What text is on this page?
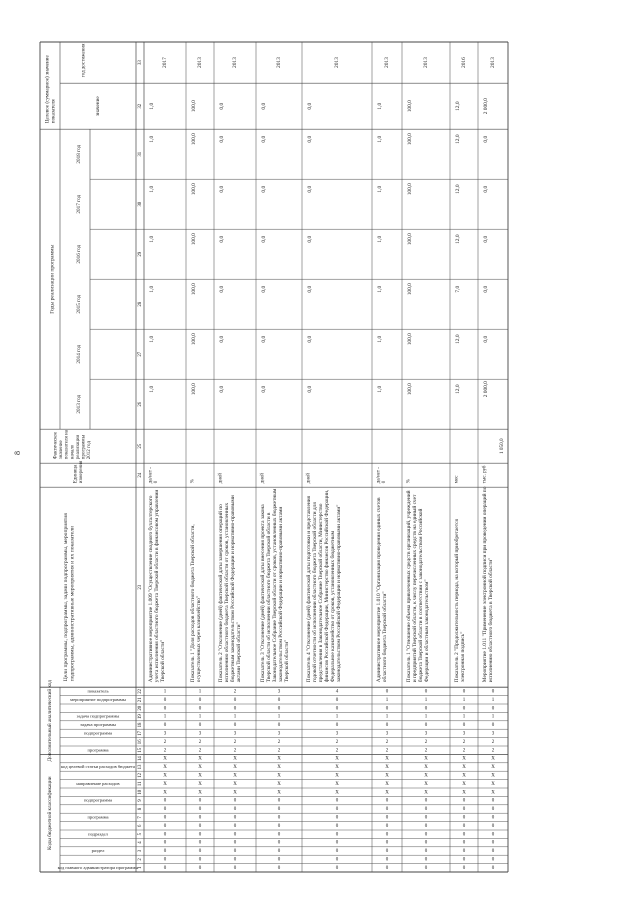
Коды бюджетной классификации
Дополнительный аналитический код
код главного администратора программы
раздел
подраздел
программа
подпрограмма
направление расходов
код целевой статьи расходов бюджета
программа
подпрограмма
задача программы
задача подпрограммы
мероприятие подпрограммы
показатель
Цели программы, подпрограммы, задачи подпрограммы, мероприятия подпрограммы, административные мероприятия и их показатели
Единица измерения
Фактическое значение показателя на начало реализации программы 2012 год
Годы реализации программы
2013 год
2014 год
2015 год
2016 год
2017 год
2018 год
Целевое (суммарное) значение показателя	значение
год достижения
1
2
3
4
5
6
7
8
9
10
11
12
13
14
15
16
17
18
19
20
21
22
23
24
25
26
27
28
29
30
31
32
33
0
0
0
0
0
0
0
0
0
X
X
X
X
X
2
2
3
0
1
0
0
1
Административное мероприятие 1.009 "Осуществление сводного бухгалтерского учета исполнения областного бюджета Тверской области в финансовом управлении Тверской области"
да/нет - 0
1,0
1,0
1,0
1,0
1,0
1,0
1,0
2017
0
0
0
0
0
0
0
0
0
X
X
X
X
X
2
2
3
0
1
0
0
1
Показатель 1 "Доля расходов областного бюджета Тверской области, осуществленных через казначейство"
%
100,0
100,0
100,0
100,0
100,0
100,0
100,0
2013
0
0
0
0
0
0
0
0
0
X
X
X
X
X
2
2
3
0
1
0
0
2
Показатель 2 "Отклонение (дней) фактической даты завершения операций по исполнению областного бюджета Тверской области от сроков, установленных бюджетным законодательством Российской Федерации и нормативно-правовыми актами Тверской области"
дней
0,0
0,0
0,0
0,0
0,0
0,0
0,0
2013
0
0
0
0
0
0
0
0
0
X
X
X
X
X
2
2
3
0
1
0
0
3
Показатель 3 "Отклонение (дней) фактической даты внесения проекта закона Тверской области об исполнении областного бюджета Тверской области в Законодательное Собрание Тверской области от сроков, установленных бюджетным законодательством Российской Федерации и нормативно-правовыми актами Тверской области"
дней
0,0
0,0
0,0
0,0
0,0
0,0
0,0
2013
0
0
0
0
0
0
0
0
0
X
X
X
X
X
2
2
3
0
1
0
0
4
Показатель 4 "Отклонение (дней) фактической даты подготовки и представления годовой отчетности об исполнении областного бюджета Тверской области для представления в Законодательное Собрание Тверской области, Министерство финансов Российской Федерации, Министерство финансов Российской Федерации, Федеральное казначейство от сроков, установленных бюджетным законодательством Российской Федерации и нормативно-правовыми актами"
дней
0,0
0,0
0,0
0,0
0,0
0,0
0,0
2013
0
0
0
0
0
0
0
0
0
X
X
X
X
X
2
2
3
0
1
0
1
0
Административное мероприятие 1.010 "Организация проведения единых счетов областного бюджета Тверской области"
да/нет - 0
1,0
1,0
1,0
1,0
1,0
1,0
1,0
2013
0
0
0
0
0
0
0
0
0
X
X
X
X
X
2
2
3
0
1
0
1
0
Показатель 1 "Отношение объема привлеченных средств организаций, учреждений и предприятий Тверской области, к числу перечисленных средств на единый счет бюджета Тверской области в соответствии с законодательством Российской Федерации и областным законодательством"
%
100,0
100,0
100,0
100,0
100,0
100,0
100,0
2013
0
0
0
0
0
0
0
0
0
X
X
X
X
X
2
2
3
0
1
0
1
0
Показатель 2 "Продолжительность периода, на который приобретается электронная подпись"
мес
12,0
12,0
7,0
12,0
12,0
12,0
12,0
2016
0
0
0
0
0
0
0
0
0
X
X
X
X
X
2
2
3
0
1
0
1
0
Мероприятие 1.011 "Применение электронной подписи при проведении операций по исполнению областного бюджета в Тверской области"
тыс. руб
1 050,0
2 000,0
0,0
0,0
0,0
0,0
0,0
2 000,0
2013
8
